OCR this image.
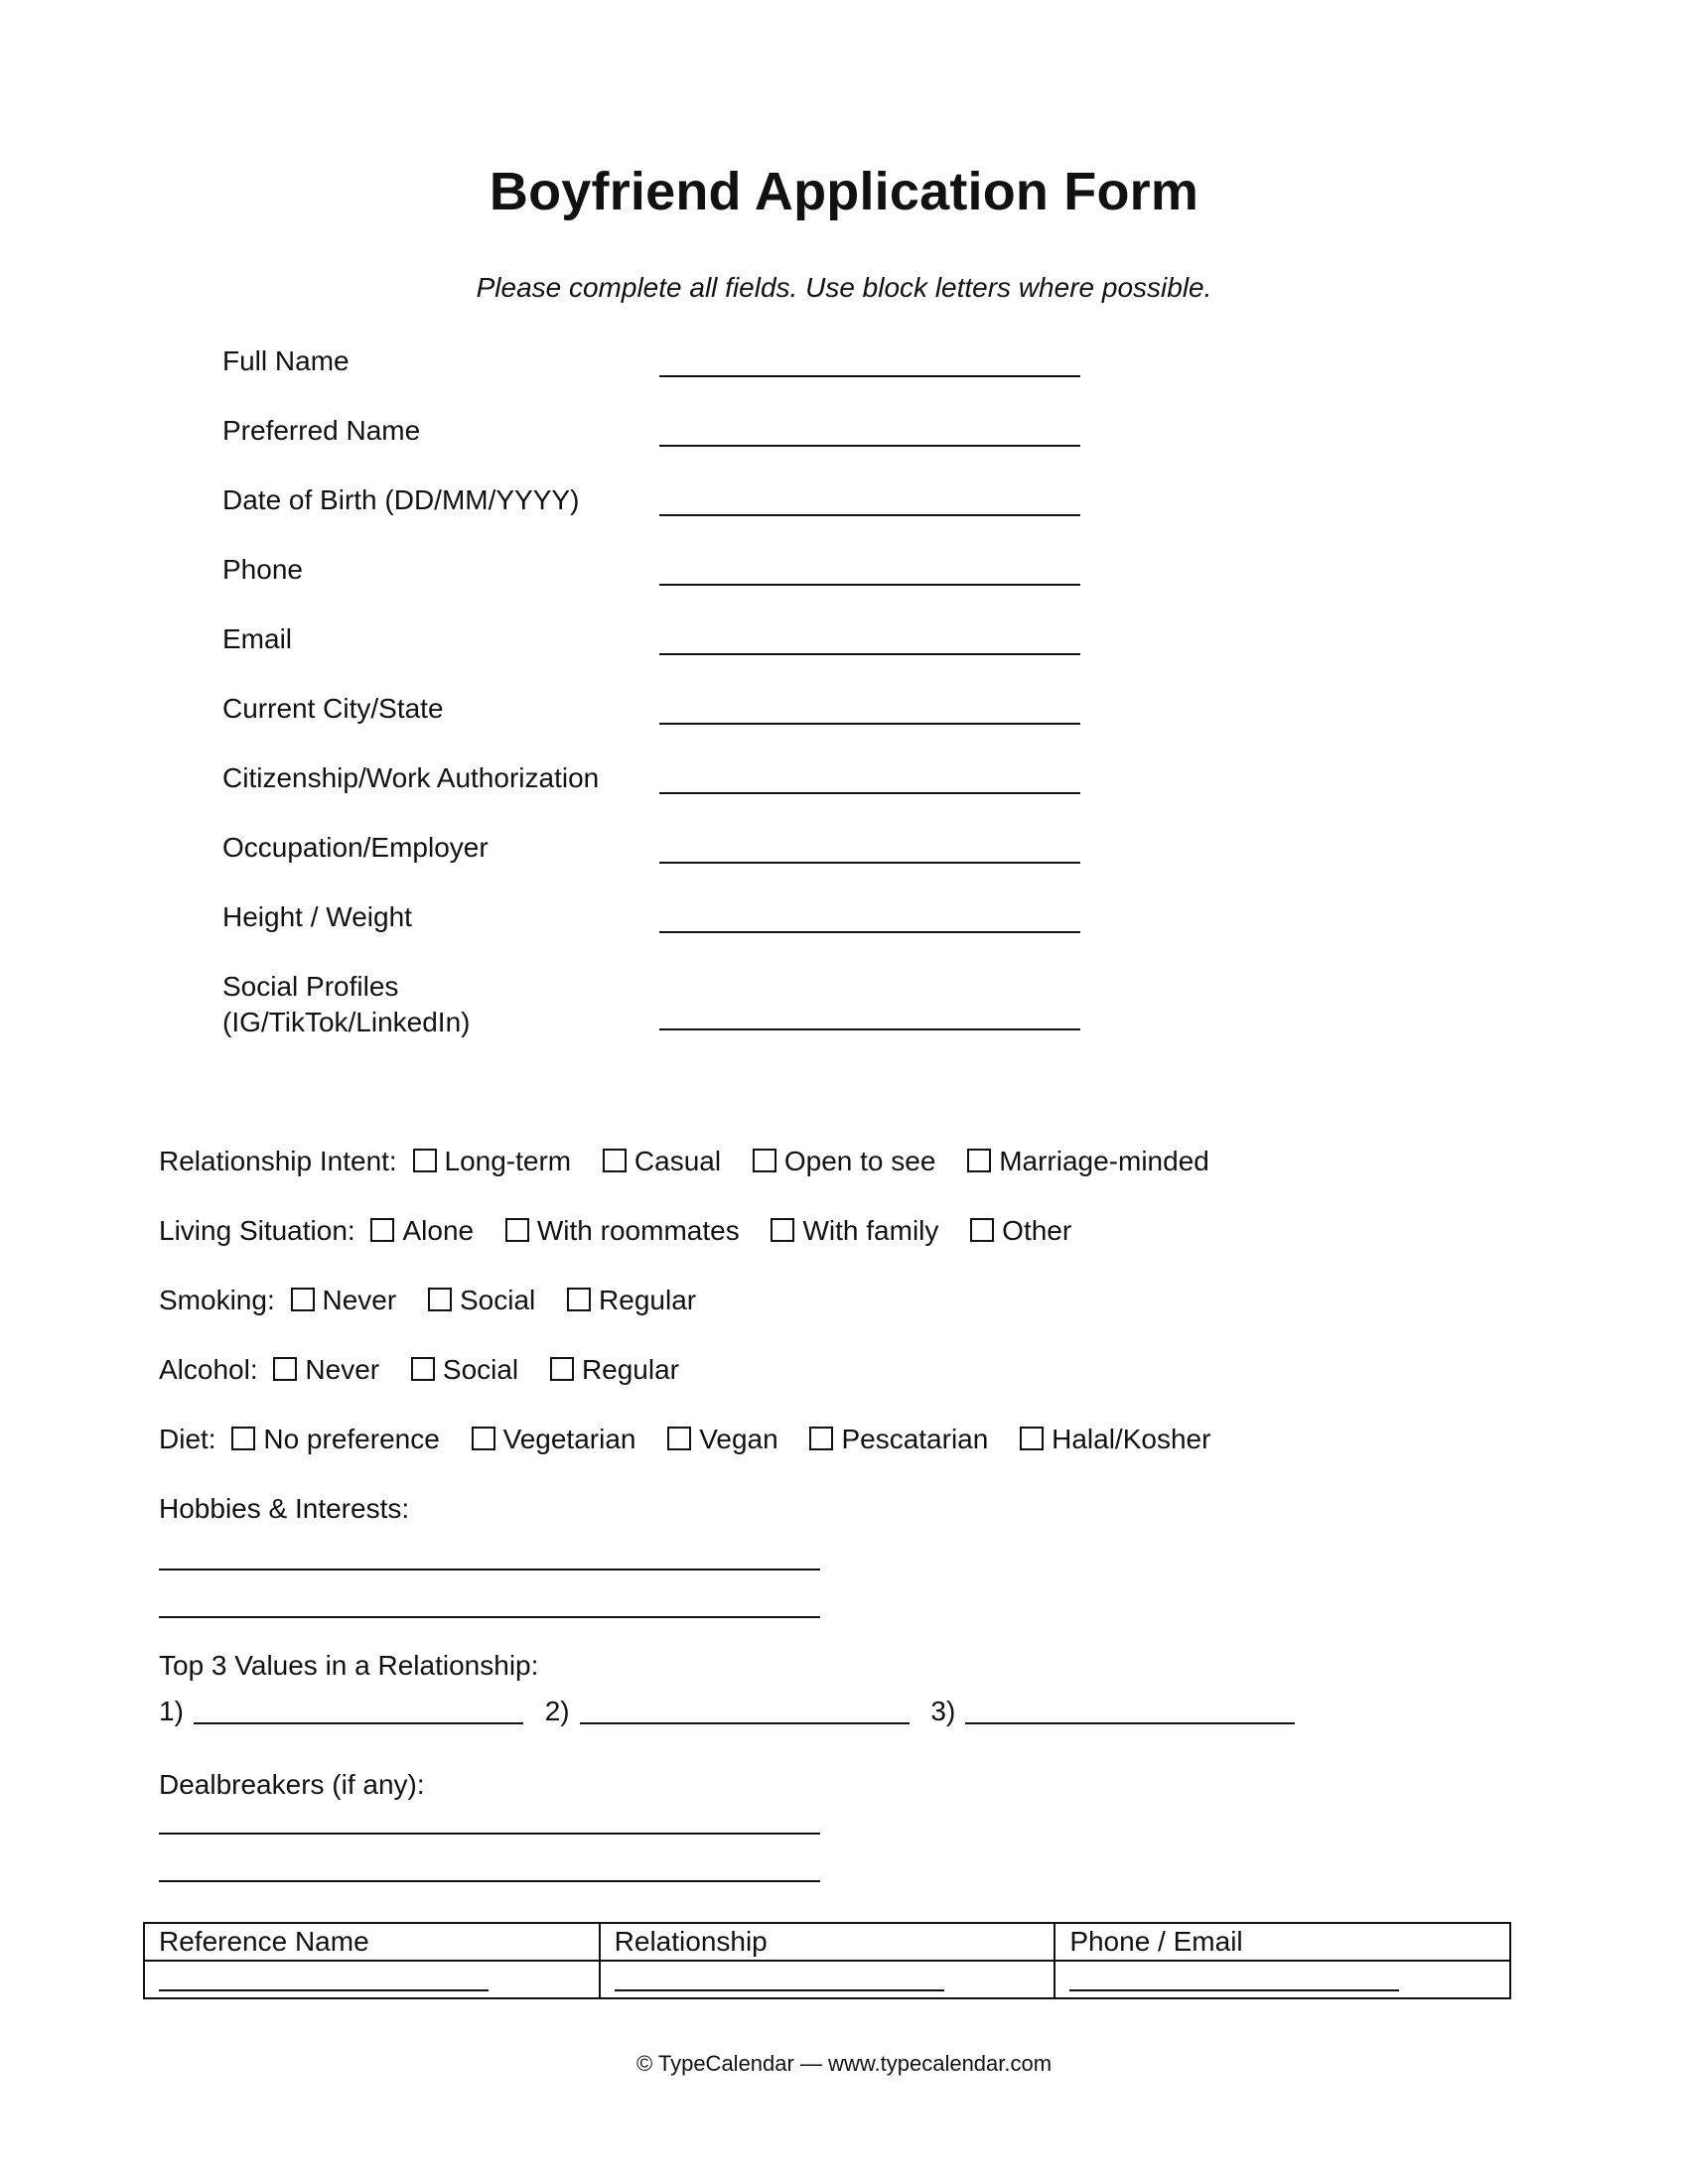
Boyfriend Application Form
Please complete all fields. Use block letters where possible.
Full Name
Preferred Name
Date of Birth (DD/MM/YYYY)
Phone
Email
Current City/State
Citizenship/Work Authorization
Occupation/Employer
Height / Weight
Social Profiles
(IG/TikTok/LinkedIn)
Relationship Intent: Long-term Casual Open to see Marriage-minded
Living Situation: Alone With roommates With family Other
Smoking: Never Social Regular
Alcohol: Never Social Regular
Diet: No preference Vegetarian Vegan Pescatarian Halal/Kosher
Hobbies & Interests:
Top 3 Values in a Relationship:
1)	2)	3)
Dealbreakers (if any):
Reference Name	Relationship	Phone / Email

© TypeCalendar — www.typecalendar.com
